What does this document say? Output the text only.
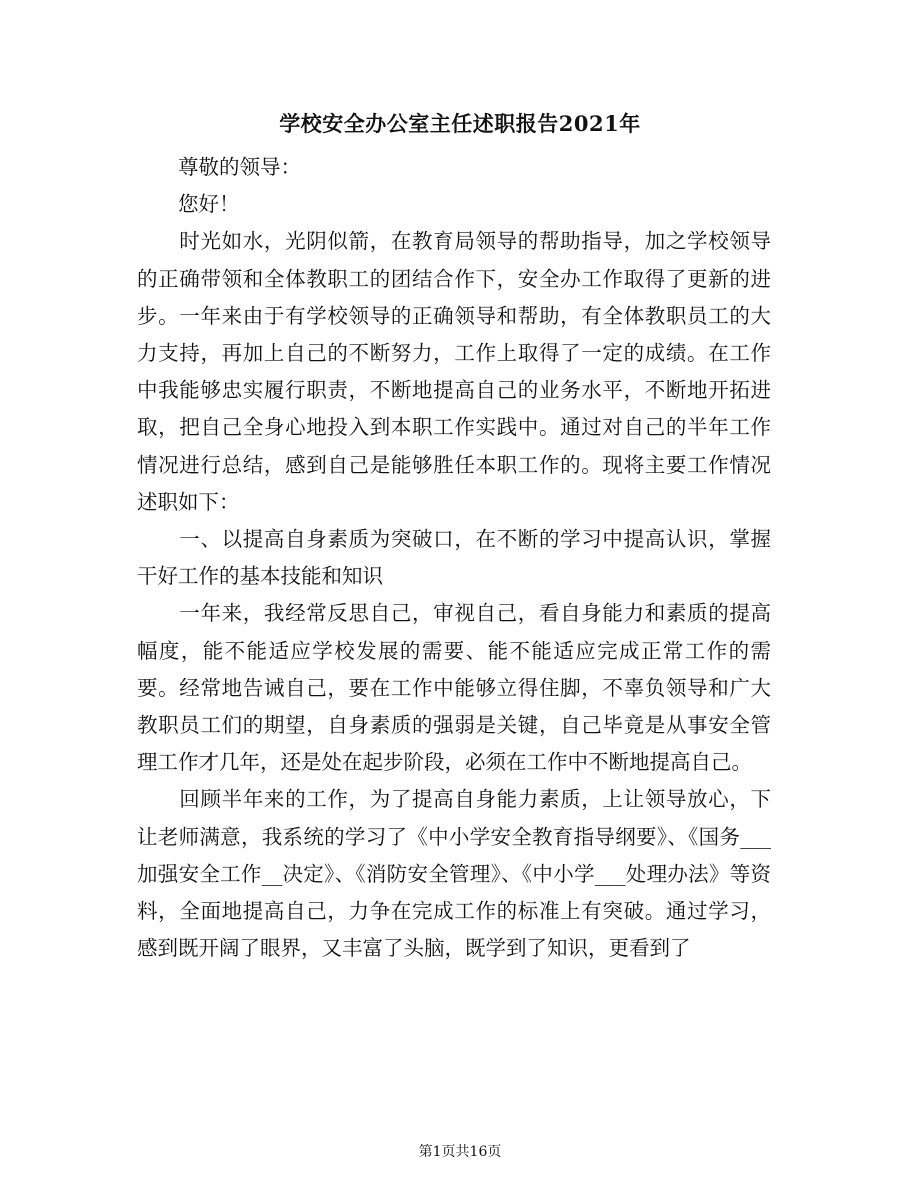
学校安全办公室主任述职报告2021年

　　尊敬的领导：

　　您好！

　　时光如水，光阴似箭，在教育局领导的帮助指导，加之学校领导的正确带领和全体教职工的团结合作下，安全办工作取得了更新的进步。一年来由于有学校领导的正确领导和帮助，有全体教职员工的大力支持，再加上自己的不断努力，工作上取得了一定的成绩。在工作中我能够忠实履行职责，不断地提高自己的业务水平，不断地开拓进取，把自己全身心地投入到本职工作实践中。通过对自己的半年工作情况进行总结，感到自己是能够胜任本职工作的。现将主要工作情况述职如下：

　　一、以提高自身素质为突破口，在不断的学习中提高认识，掌握干好工作的基本技能和知识

　　一年来，我经常反思自己，审视自己，看自身能力和素质的提高幅度，能不能适应学校发展的需要、能不能适应完成正常工作的需要。经常地告诫自己，要在工作中能够立得住脚，不辜负领导和广大教职员工们的期望，自身素质的强弱是关键，自己毕竟是从事安全管理工作才几年，还是处在起步阶段，必须在工作中不断地提高自己。

　　回顾半年来的工作，为了提高自身能力素质，上让领导放心，下让老师满意，我系统的学习了《中小学安全教育指导纲要》、《国务___加强安全工作__决定》、《消防安全管理》、《中小学___处理办法》等资料，全面地提高自己，力争在完成工作的标准上有突破。通过学习，感到既开阔了眼界，又丰富了头脑，既学到了知识，更看到了

第1页共16页
